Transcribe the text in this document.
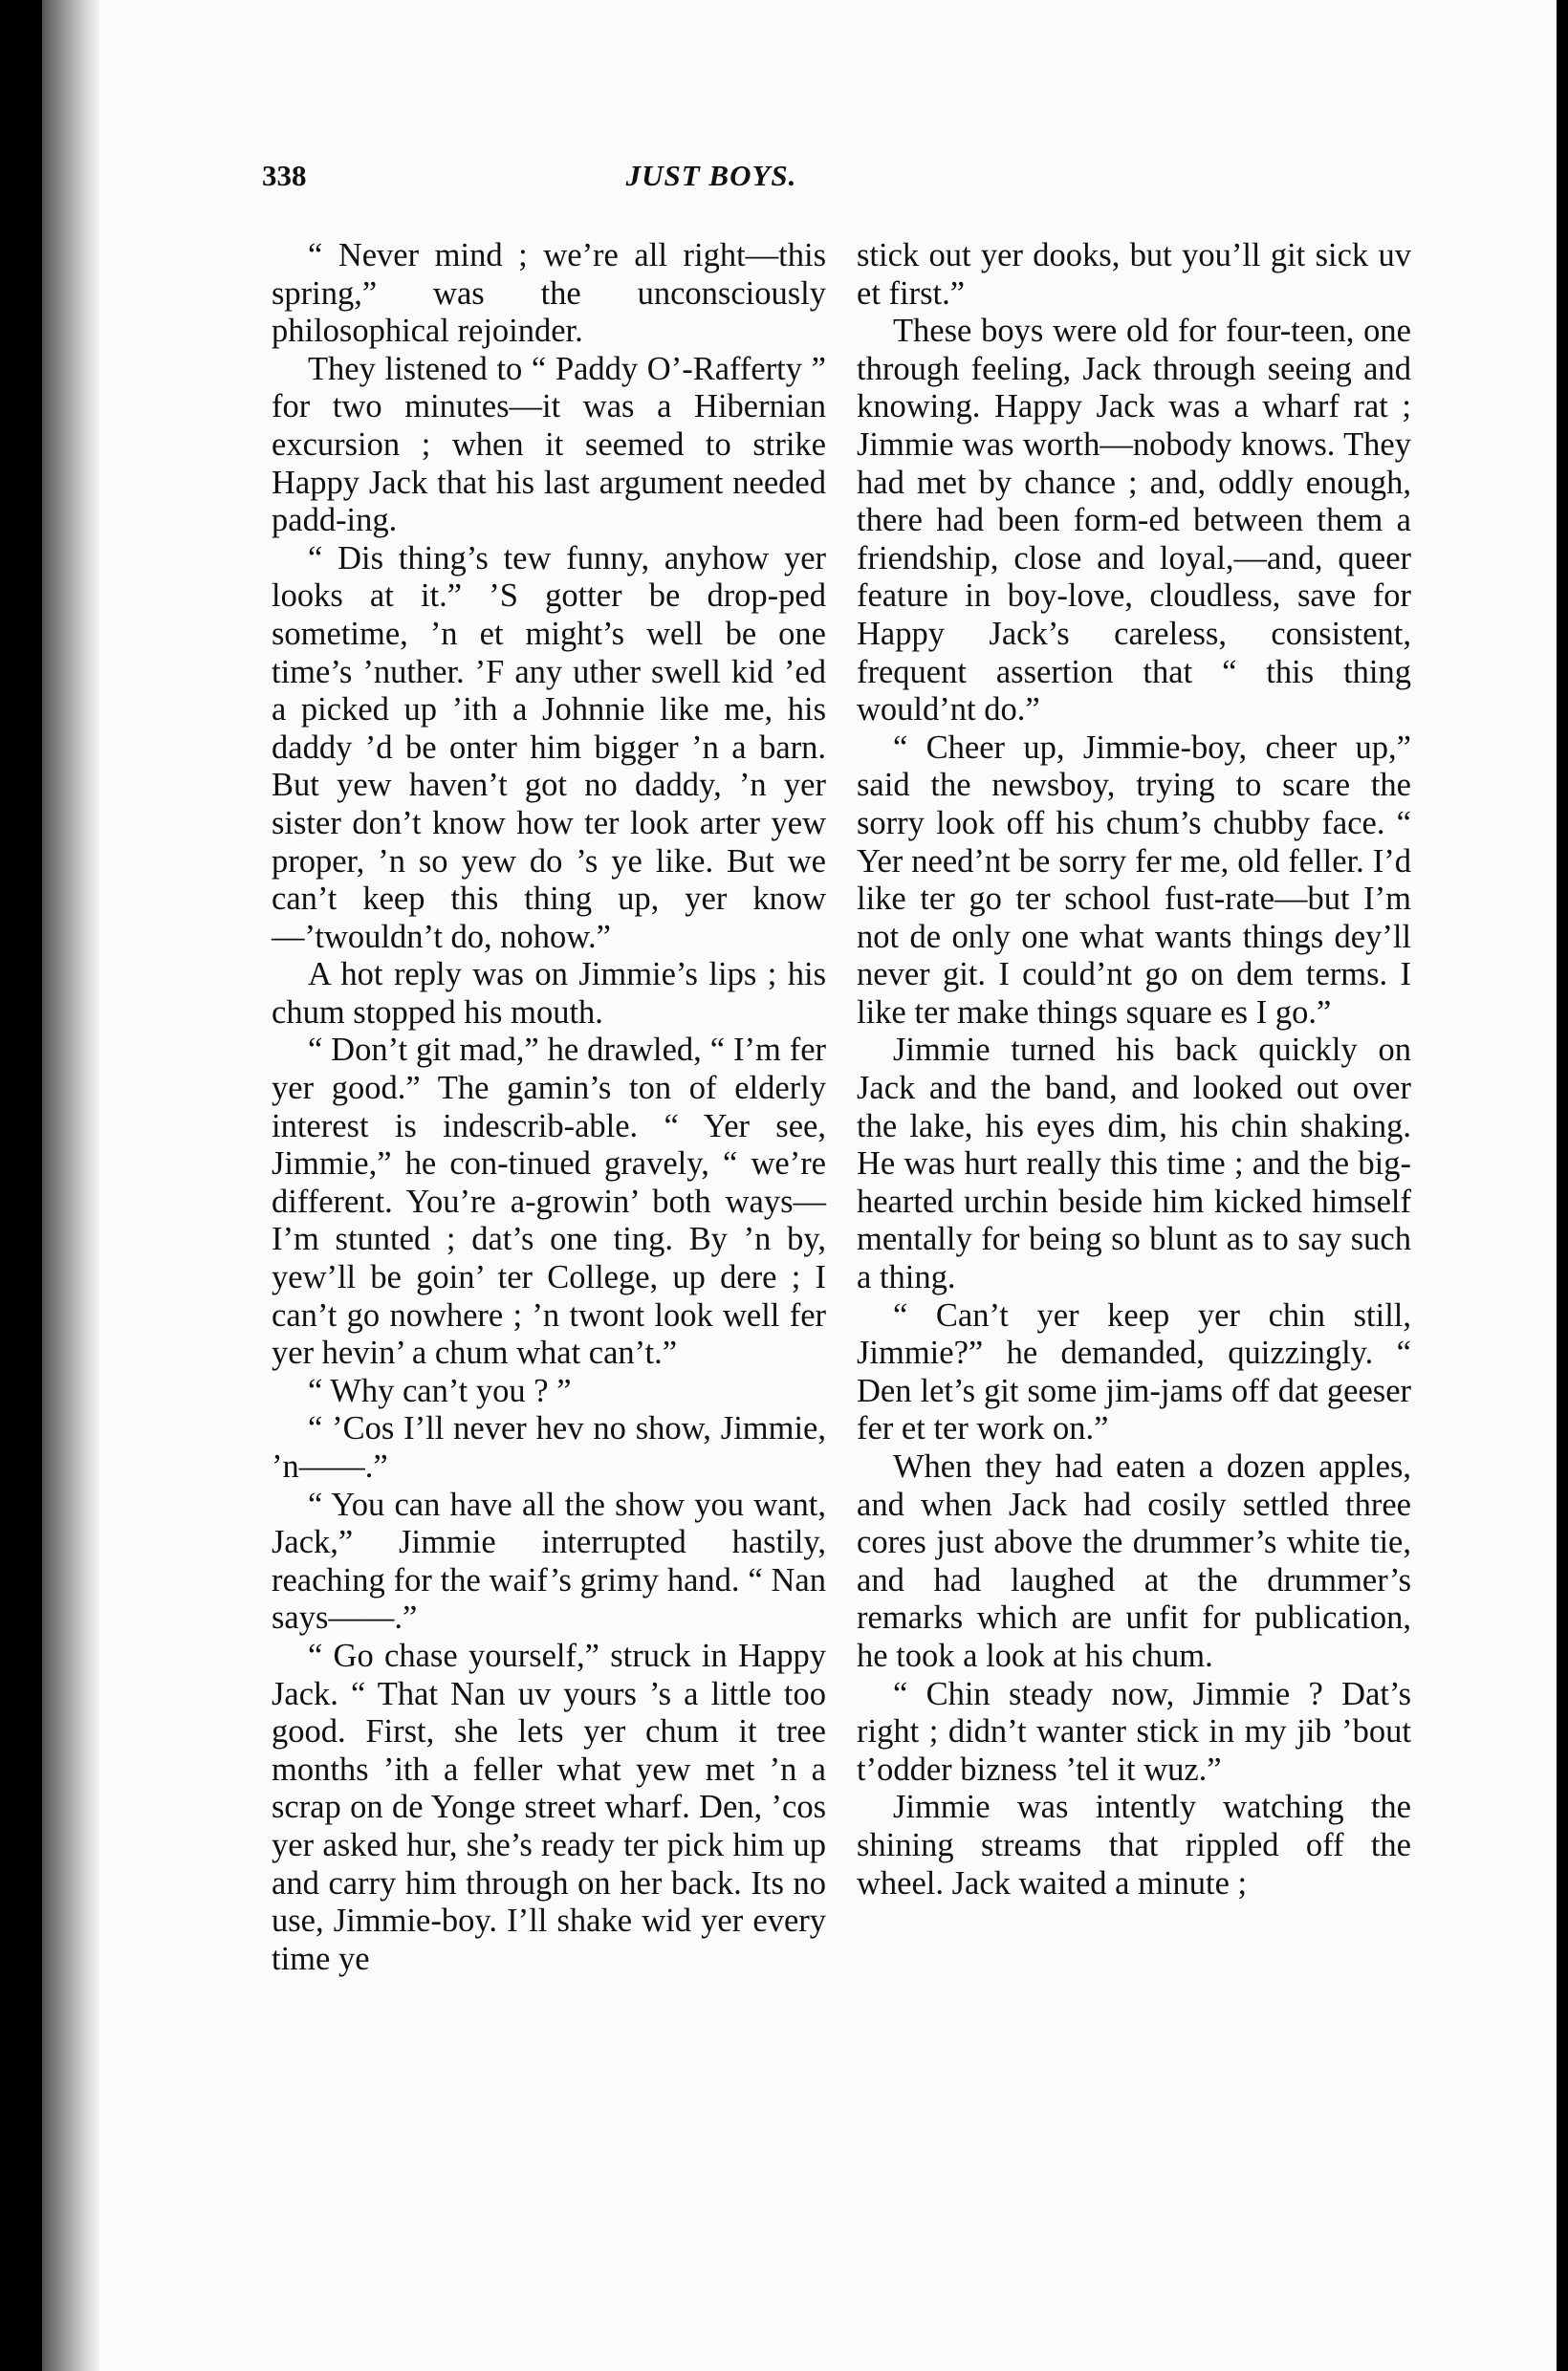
338	JUST BOYS.

“ Never mind ; we’re all right—this spring,” was the unconsciously philosophical rejoinder.

They listened to “ Paddy O’-Rafferty ” for two minutes—it was a Hibernian excursion ; when it seemed to strike Happy Jack that his last argument needed padd-ing.

“ Dis thing’s tew funny, anyhow yer looks at it.” ’S gotter be drop-ped sometime, ’n et might’s well be one time’s ’nuther. ’F any uther swell kid ’ed a picked up ’ith a Johnnie like me, his daddy ’d be onter him bigger ’n a barn. But yew haven’t got no daddy, ’n yer sister don’t know how ter look arter yew proper, ’n so yew do ’s ye like. But we can’t keep this thing up, yer know—’twouldn’t do, nohow.”

A hot reply was on Jimmie’s lips ; his chum stopped his mouth.

“ Don’t git mad,” he drawled, “ I’m fer yer good.” The gamin’s ton of elderly interest is indescrib-able. “ Yer see, Jimmie,” he con-tinued gravely, “ we’re different. You’re a-growin’ both ways—I’m stunted ; dat’s one ting. By ’n by, yew’ll be goin’ ter College, up dere ; I can’t go nowhere ; ’n twont look well fer yer hevin’ a chum what can’t.”

“ Why can’t you ? ”

“ ’Cos I’ll never hev no show, Jimmie, ’n——.”

“ You can have all the show you want, Jack,” Jimmie interrupted hastily, reaching for the waif’s grimy hand. “ Nan says——.”

“ Go chase yourself,” struck in Happy Jack. “ That Nan uv yours ’s a little too good. First, she lets yer chum it tree months ’ith a feller what yew met ’n a scrap on de Yonge street wharf. Den, ’cos yer asked hur, she’s ready ter pick him up and carry him through on her back. Its no use, Jimmie-boy. I’ll shake wid yer every time ye

stick out yer dooks, but you’ll git sick uv et first.”

These boys were old for four-teen, one through feeling, Jack through seeing and knowing. Happy Jack was a wharf rat ; Jimmie was worth—nobody knows. They had met by chance ; and, oddly enough, there had been form-ed between them a friendship, close and loyal,—and, queer feature in boy-love, cloudless, save for Happy Jack’s careless, consistent, frequent assertion that “ this thing would’nt do.”

“ Cheer up, Jimmie-boy, cheer up,” said the newsboy, trying to scare the sorry look off his chum’s chubby face. “ Yer need’nt be sorry fer me, old feller. I’d like ter go ter school fust-rate—but I’m not de only one what wants things dey’ll never git. I could’nt go on dem terms. I like ter make things square es I go.”

Jimmie turned his back quickly on Jack and the band, and looked out over the lake, his eyes dim, his chin shaking. He was hurt really this time ; and the big-hearted urchin beside him kicked himself mentally for being so blunt as to say such a thing.

“ Can’t yer keep yer chin still, Jimmie?” he demanded, quizzingly. “ Den let’s git some jim-jams off dat geeser fer et ter work on.”

When they had eaten a dozen apples, and when Jack had cosily settled three cores just above the drummer’s white tie, and had laughed at the drummer’s remarks which are unfit for publication, he took a look at his chum.

“ Chin steady now, Jimmie ? Dat’s right ; didn’t wanter stick in my jib ’bout t’odder bizness ’tel it wuz.”

Jimmie was intently watching the shining streams that rippled off the wheel. Jack waited a minute ;
